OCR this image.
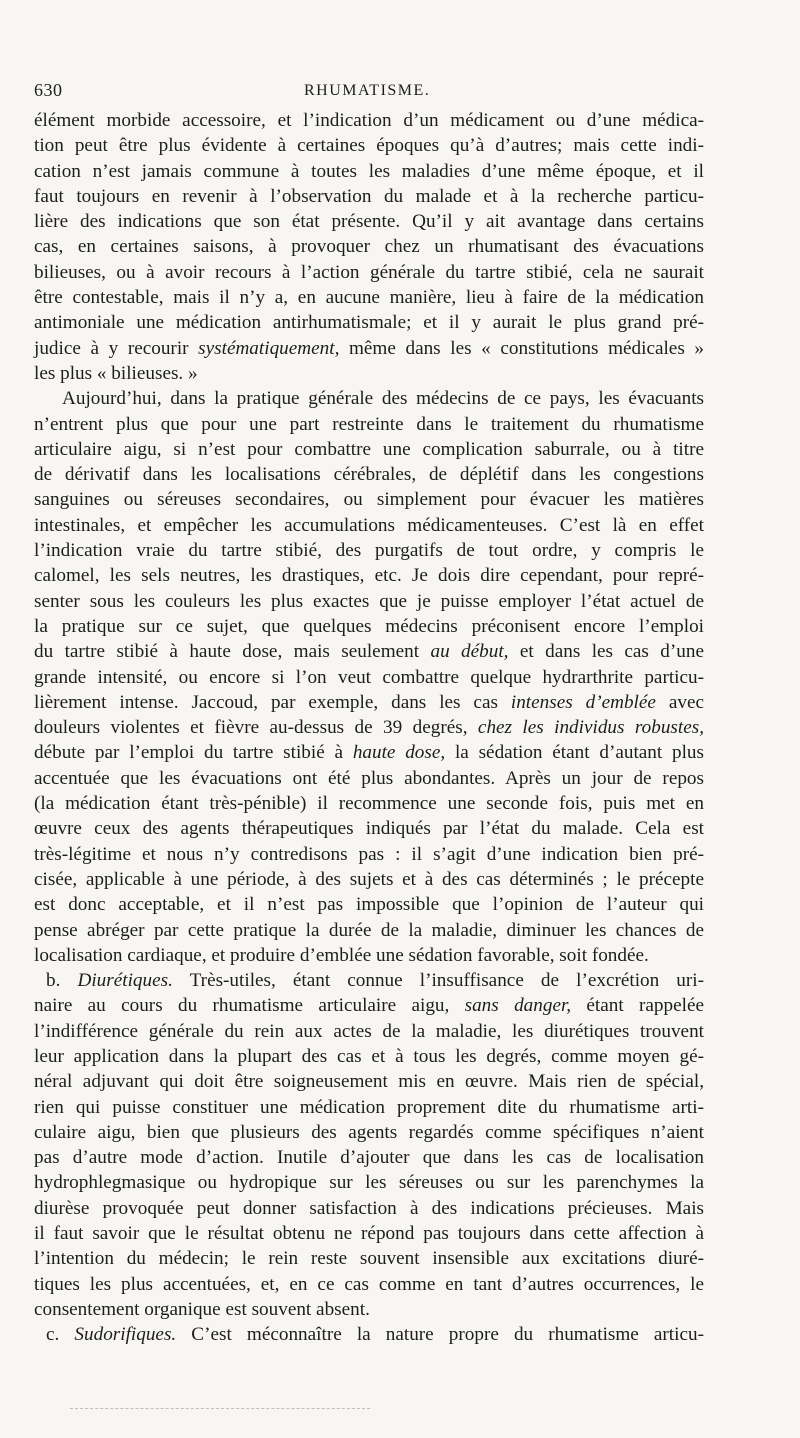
630	RHUMATISME.
élément morbide accessoire, et l’indication d’un médicament ou d’une médica-
tion peut être plus évidente à certaines époques qu’à d’autres; mais cette indi-
cation n’est jamais commune à toutes les maladies d’une même époque, et il
faut toujours en revenir à l’observation du malade et à la recherche particu-
lière des indications que son état présente. Qu’il y ait avantage dans certains
cas, en certaines saisons, à provoquer chez un rhumatisant des évacuations
bilieuses, ou à avoir recours à l’action générale du tartre stibié, cela ne saurait
être contestable, mais il n’y a, en aucune manière, lieu à faire de la médication
antimoniale une médication antirhumatismale; et il y aurait le plus grand pré-
judice à y recourir systématiquement, même dans les « constitutions médicales »
les plus « bilieuses. »
Aujourd’hui, dans la pratique générale des médecins de ce pays, les évacuants
n’entrent plus que pour une part restreinte dans le traitement du rhumatisme
articulaire aigu, si n’est pour combattre une complication saburrale, ou à titre
de dérivatif dans les localisations cérébrales, de déplétif dans les congestions
sanguines ou séreuses secondaires, ou simplement pour évacuer les matières
intestinales, et empêcher les accumulations médicamenteuses. C’est là en effet
l’indication vraie du tartre stibié, des purgatifs de tout ordre, y compris le
calomel, les sels neutres, les drastiques, etc. Je dois dire cependant, pour repré-
senter sous les couleurs les plus exactes que je puisse employer l’état actuel de
la pratique sur ce sujet, que quelques médecins préconisent encore l’emploi
du tartre stibié à haute dose, mais seulement au début, et dans les cas d’une
grande intensité, ou encore si l’on veut combattre quelque hydrarthrite particu-
lièrement intense. Jaccoud, par exemple, dans les cas intenses d’emblée avec
douleurs violentes et fièvre au-dessus de 39 degrés, chez les individus robustes,
débute par l’emploi du tartre stibié à haute dose, la sédation étant d’autant plus
accentuée que les évacuations ont été plus abondantes. Après un jour de repos
(la médication étant très-pénible) il recommence une seconde fois, puis met en
œuvre ceux des agents thérapeutiques indiqués par l’état du malade. Cela est
très-légitime et nous n’y contredisons pas : il s’agit d’une indication bien pré-
cisée, applicable à une période, à des sujets et à des cas déterminés ; le précepte
est donc acceptable, et il n’est pas impossible que l’opinion de l’auteur qui
pense abréger par cette pratique la durée de la maladie, diminuer les chances de
localisation cardiaque, et produire d’emblée une sédation favorable, soit fondée.
b. Diurétiques. Très-utiles, étant connue l’insuffisance de l’excrétion uri-
naire au cours du rhumatisme articulaire aigu, sans danger, étant rappelée
l’indifférence générale du rein aux actes de la maladie, les diurétiques trouvent
leur application dans la plupart des cas et à tous les degrés, comme moyen gé-
néral adjuvant qui doit être soigneusement mis en œuvre. Mais rien de spécial,
rien qui puisse constituer une médication proprement dite du rhumatisme arti-
culaire aigu, bien que plusieurs des agents regardés comme spécifiques n’aient
pas d’autre mode d’action. Inutile d’ajouter que dans les cas de localisation
hydrophlegmasique ou hydropique sur les séreuses ou sur les parenchymes la
diurèse provoquée peut donner satisfaction à des indications précieuses. Mais
il faut savoir que le résultat obtenu ne répond pas toujours dans cette affection à
l’intention du médecin; le rein reste souvent insensible aux excitations diuré-
tiques les plus accentuées, et, en ce cas comme en tant d’autres occurrences, le
consentement organique est souvent absent.
c. Sudorifiques. C’est méconnaître la nature propre du rhumatisme articu-
